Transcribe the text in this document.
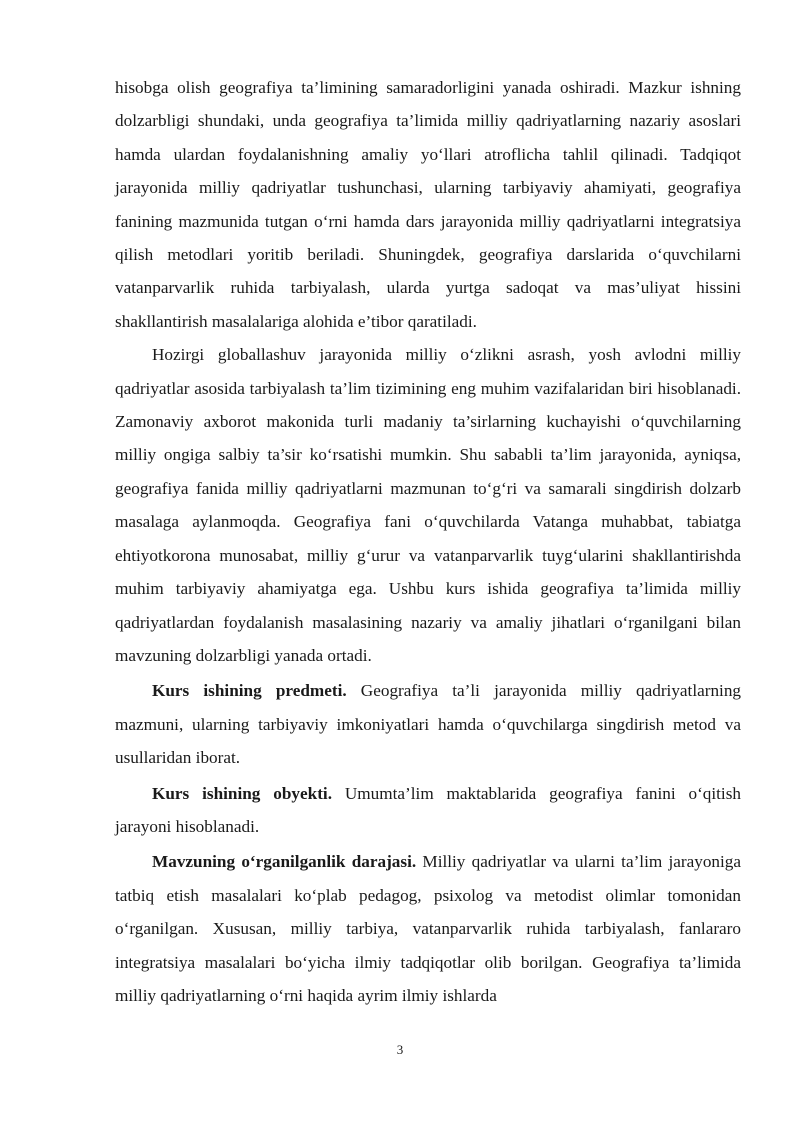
hisobga olish geografiya ta’limining samaradorligini yanada oshiradi. Mazkur ishning dolzarbligi shundaki, unda geografiya ta’limida milliy qadriyatlarning nazariy asoslari hamda ulardan foydalanishning amaliy yo‘llari atroflicha tahlil qilinadi. Tadqiqot jarayonida milliy qadriyatlar tushunchasi, ularning tarbiyaviy ahamiyati, geografiya fanining mazmunida tutgan o‘rni hamda dars jarayonida milliy qadriyatlarni integratsiya qilish metodlari yoritib beriladi. Shuningdek, geografiya darslarida o‘quvchilarni vatanparvarlik ruhida tarbiyalash, ularda yurtga sadoqat va mas’uliyat hissini shakllantirish masalalariga alohida e’tibor qaratiladi.

Hozirgi globallashuv jarayonida milliy o‘zlikni asrash, yosh avlodni milliy qadriyatlar asosida tarbiyalash ta’lim tizimining eng muhim vazifalaridan biri hisoblanadi. Zamonaviy axborot makonida turli madaniy ta’sirlarning kuchayishi o‘quvchilarning milliy ongiga salbiy ta’sir ko‘rsatishi mumkin. Shu sababli ta’lim jarayonida, ayniqsa, geografiya fanida milliy qadriyatlarni mazmunan to‘g‘ri va samarali singdirish dolzarb masalaga aylanmoqda. Geografiya fani o‘quvchilarda Vatanga muhabbat, tabiatga ehtiyotkorona munosabat, milliy g‘urur va vatanparvarlik tuyg‘ularini shakllantirishda muhim tarbiyaviy ahamiyatga ega. Ushbu kurs ishida geografiya ta’limida milliy qadriyatlardan foydalanish masalasining nazariy va amaliy jihatlari o‘rganilgani bilan mavzuning dolzarbligi yanada ortadi.

Kurs ishining predmeti. Geografiya ta’li jarayonida milliy qadriyatlarning mazmuni, ularning tarbiyaviy imkoniyatlari hamda o‘quvchilarga singdirish metod va usullaridan iborat.

Kurs ishining obyekti. Umumta’lim maktablarida geografiya fanini o‘qitish jarayoni hisoblanadi.

Mavzuning o‘rganilganlik darajasi. Milliy qadriyatlar va ularni ta’lim jarayoniga tatbiq etish masalalari ko‘plab pedagog, psixolog va metodist olimlar tomonidan o‘rganilgan. Xususan, milliy tarbiya, vatanparvarlik ruhida tarbiyalash, fanlararo integratsiya masalalari bo‘yicha ilmiy tadqiqotlar olib borilgan. Geografiya ta’limida milliy qadriyatlarning o‘rni haqida ayrim ilmiy ishlarda

3
